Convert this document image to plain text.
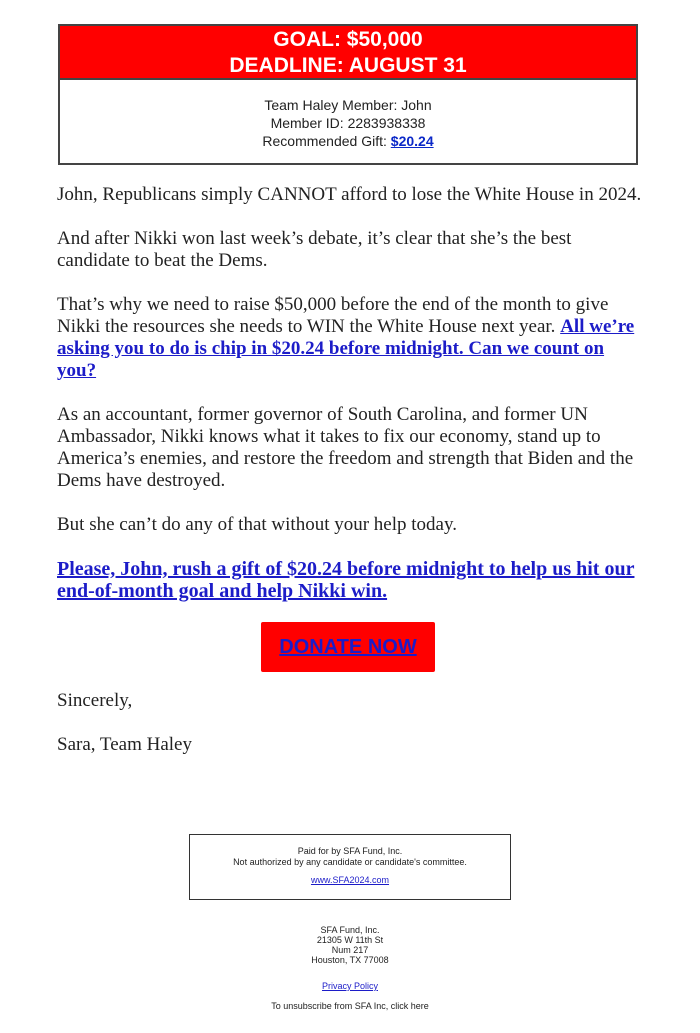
GOAL: $50,000
DEADLINE: AUGUST 31
Team Haley Member: John
Member ID: 2283938338
Recommended Gift: $20.24

John, Republicans simply CANNOT afford to lose the White House in 2024.

And after Nikki won last week’s debate, it’s clear that she’s the best candidate to beat the Dems.

That’s why we need to raise $50,000 before the end of the month to give Nikki the resources she needs to WIN the White House next year. All we’re asking you to do is chip in $20.24 before midnight. Can we count on you?

As an accountant, former governor of South Carolina, and former UN Ambassador, Nikki knows what it takes to fix our economy, stand up to America’s enemies, and restore the freedom and strength that Biden and the Dems have destroyed.

But she can’t do any of that without your help today.

Please, John, rush a gift of $20.24 before midnight to help us hit our end-of-month goal and help Nikki win.

DONATE NOW

Sincerely,

Sara, Team Haley

Paid for by SFA Fund, Inc.
Not authorized by any candidate or candidate's committee.
www.SFA2024.com
SFA Fund, Inc.
21305 W 11th St
Num 217
Houston, TX 77008
Privacy Policy
To unsubscribe from SFA Inc, click here
